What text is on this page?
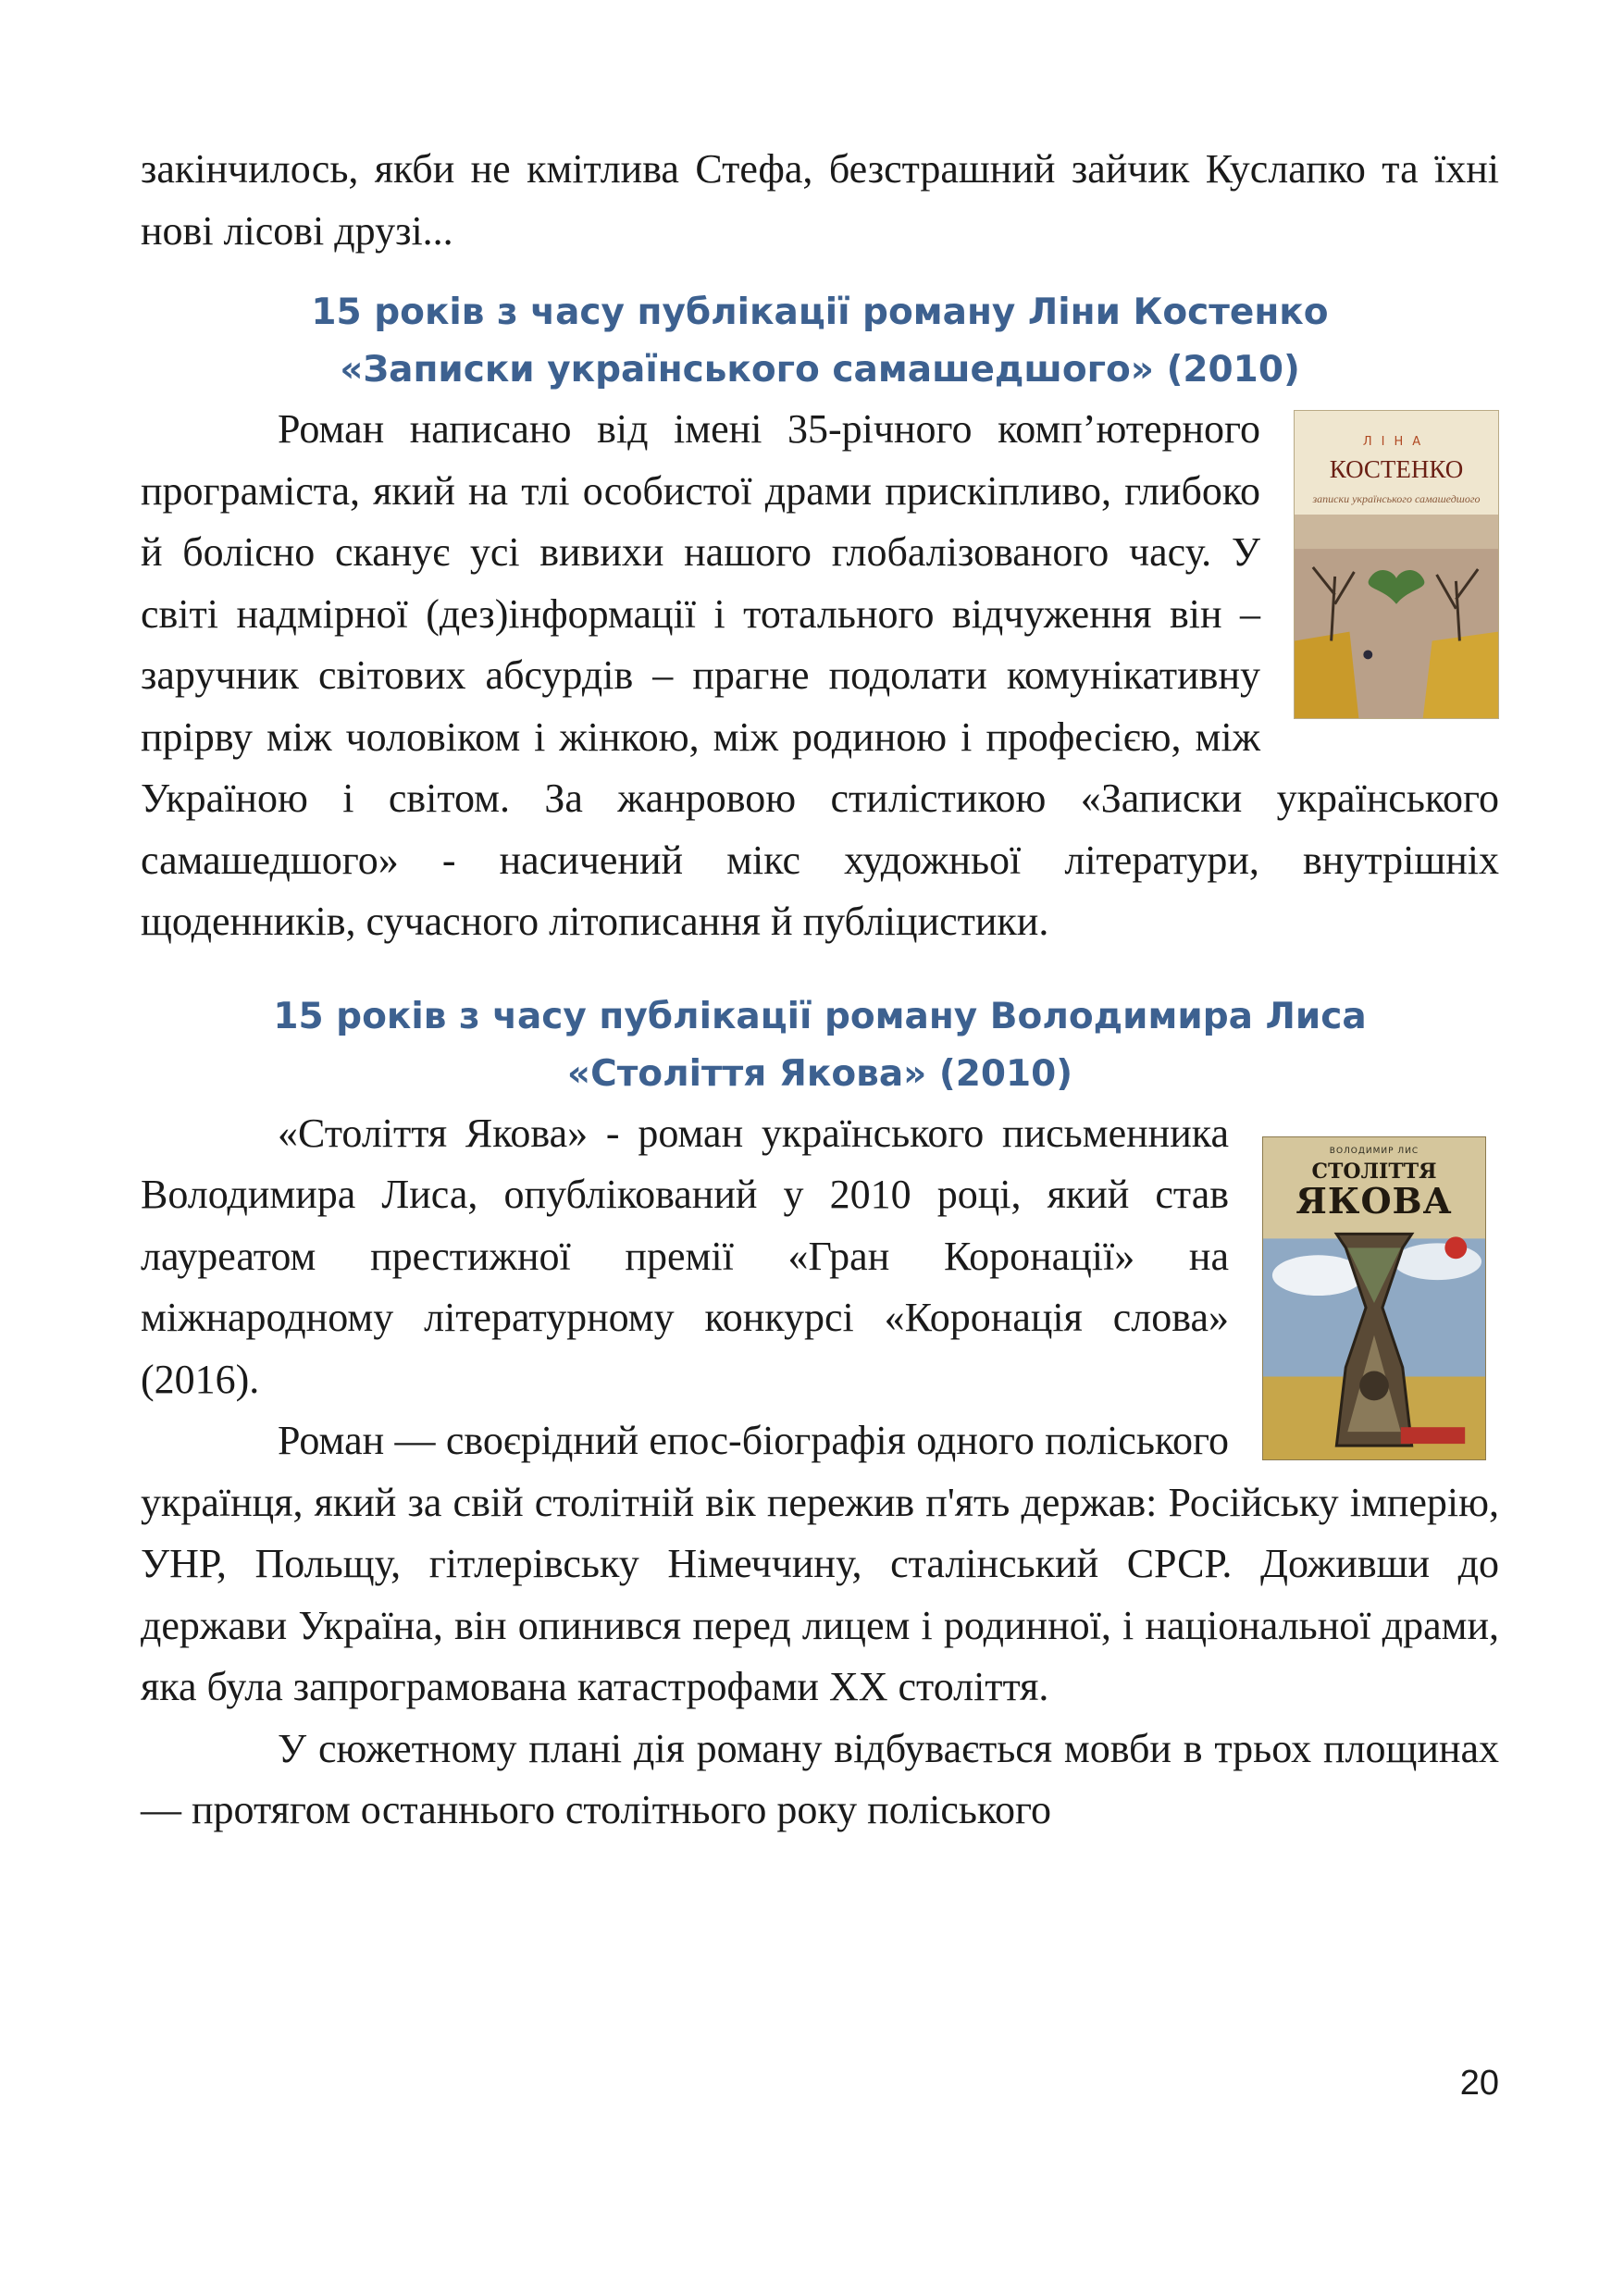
закінчилось, якби не кмітлива Стефа, безстрашний зайчик Куслапко та їхні нові лісові друзі...

15 років з часу публікації роману Ліни Костенко
«Записки українського самашедшого» (2010)
ЛІНА
КОСТЕНКО
записки українського самашедшого

Роман написано від імені 35-річного комп’ютерного програміста, який на тлі особистої драми прискіпливо, глибоко й болісно сканує усі вивихи нашого глобалізованого часу. У світі надмірної (дез)інформації і тотального відчуження він – заручник світових абсурдів – прагне подолати комунікативну прірву між чоловіком і жінкою, між родиною і професією, між Україною і світом. За жанровою стилістикою «Записки українського самашедшого» - насичений мікс художньої літератури, внутрішніх щоденників, сучасного літописання й публіцистики.

15 років з часу публікації роману Володимира Лиса
«Століття Якова» (2010)
ВОЛОДИМИР ЛИС
СТОЛІТТЯ
ЯКОВА

«Століття Якова» - роман українського письменника Володимира Лиса, опублікований у 2010 році, який став лауреатом престижної премії «Гран Коронації» на міжнародному літературному конкурсі «Коронація слова» (2016).

Роман — своєрідний епос-біографія одного поліського українця, який за свій столітній вік пережив п'ять держав: Російську імперію, УНР, Польщу, гітлерівську Німеччину, сталінський СРСР. Доживши до держави Україна, він опинився перед лицем і родинної, і національної драми, яка була запрограмована катастрофами XX століття.

У сюжетному плані дія роману відбувається мовби в трьох площинах — протягом останнього столітнього року поліського

20
